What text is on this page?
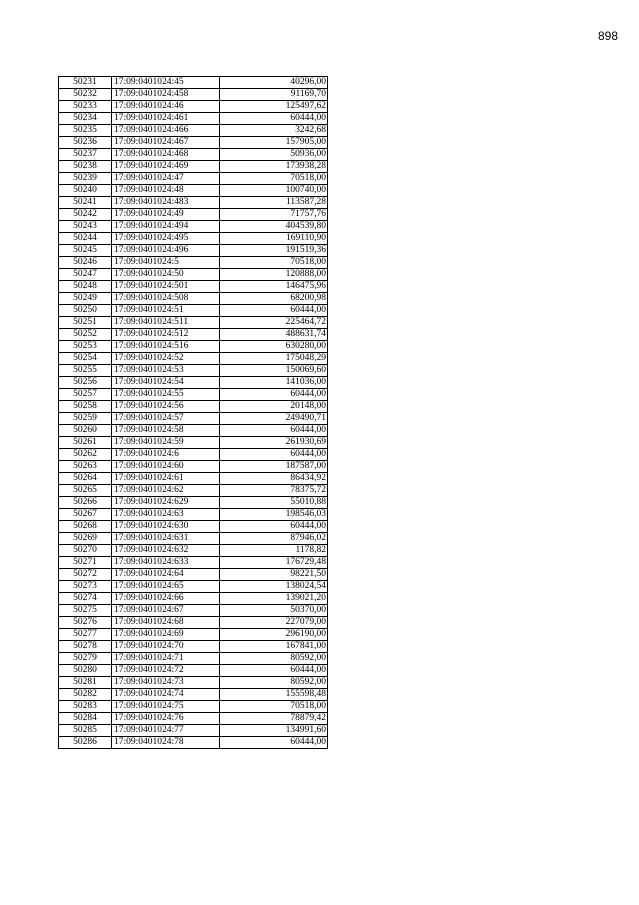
898
50231	17:09:0401024:45	40296,00
50232	17:09:0401024:458	91169,70
50233	17:09:0401024:46	125497,62
50234	17:09:0401024:461	60444,00
50235	17:09:0401024:466	3242,68
50236	17:09:0401024:467	157905,00
50237	17:09:0401024:468	50936,00
50238	17:09:0401024:469	173938,28
50239	17:09:0401024:47	70518,00
50240	17:09:0401024:48	100740,00
50241	17:09:0401024:483	113587,28
50242	17:09:0401024:49	71757,76
50243	17:09:0401024:494	404539,80
50244	17:09:0401024:495	169110,90
50245	17:09:0401024:496	191519,36
50246	17:09:0401024:5	70518,00
50247	17:09:0401024:50	120888,00
50248	17:09:0401024:501	146475,96
50249	17:09:0401024:508	68200,98
50250	17:09:0401024:51	60444,00
50251	17:09:0401024:511	225464,72
50252	17:09:0401024:512	488631,74
50253	17:09:0401024:516	630280,00
50254	17:09:0401024:52	175048,29
50255	17:09:0401024:53	150069,60
50256	17:09:0401024:54	141036,00
50257	17:09:0401024:55	60444,00
50258	17:09:0401024:56	20148,00
50259	17:09:0401024:57	249490,71
50260	17:09:0401024:58	60444,00
50261	17:09:0401024:59	261930,69
50262	17:09:0401024:6	60444,00
50263	17:09:0401024:60	187587,00
50264	17:09:0401024:61	86434,92
50265	17:09:0401024:62	78375,72
50266	17:09:0401024:629	55010,88
50267	17:09:0401024:63	198546,03
50268	17:09:0401024:630	60444,00
50269	17:09:0401024:631	87946,02
50270	17:09:0401024:632	1178,82
50271	17:09:0401024:633	176729,48
50272	17:09:0401024:64	98221,50
50273	17:09:0401024:65	138024,54
50274	17:09:0401024:66	139021,20
50275	17:09:0401024:67	50370,00
50276	17:09:0401024:68	227079,00
50277	17:09:0401024:69	296190,00
50278	17:09:0401024:70	167841,00
50279	17:09:0401024:71	80592,00
50280	17:09:0401024:72	60444,00
50281	17:09:0401024:73	80592,00
50282	17:09:0401024:74	155598,48
50283	17:09:0401024:75	70518,00
50284	17:09:0401024:76	78879,42
50285	17:09:0401024:77	134991,60
50286	17:09:0401024:78	60444,00
